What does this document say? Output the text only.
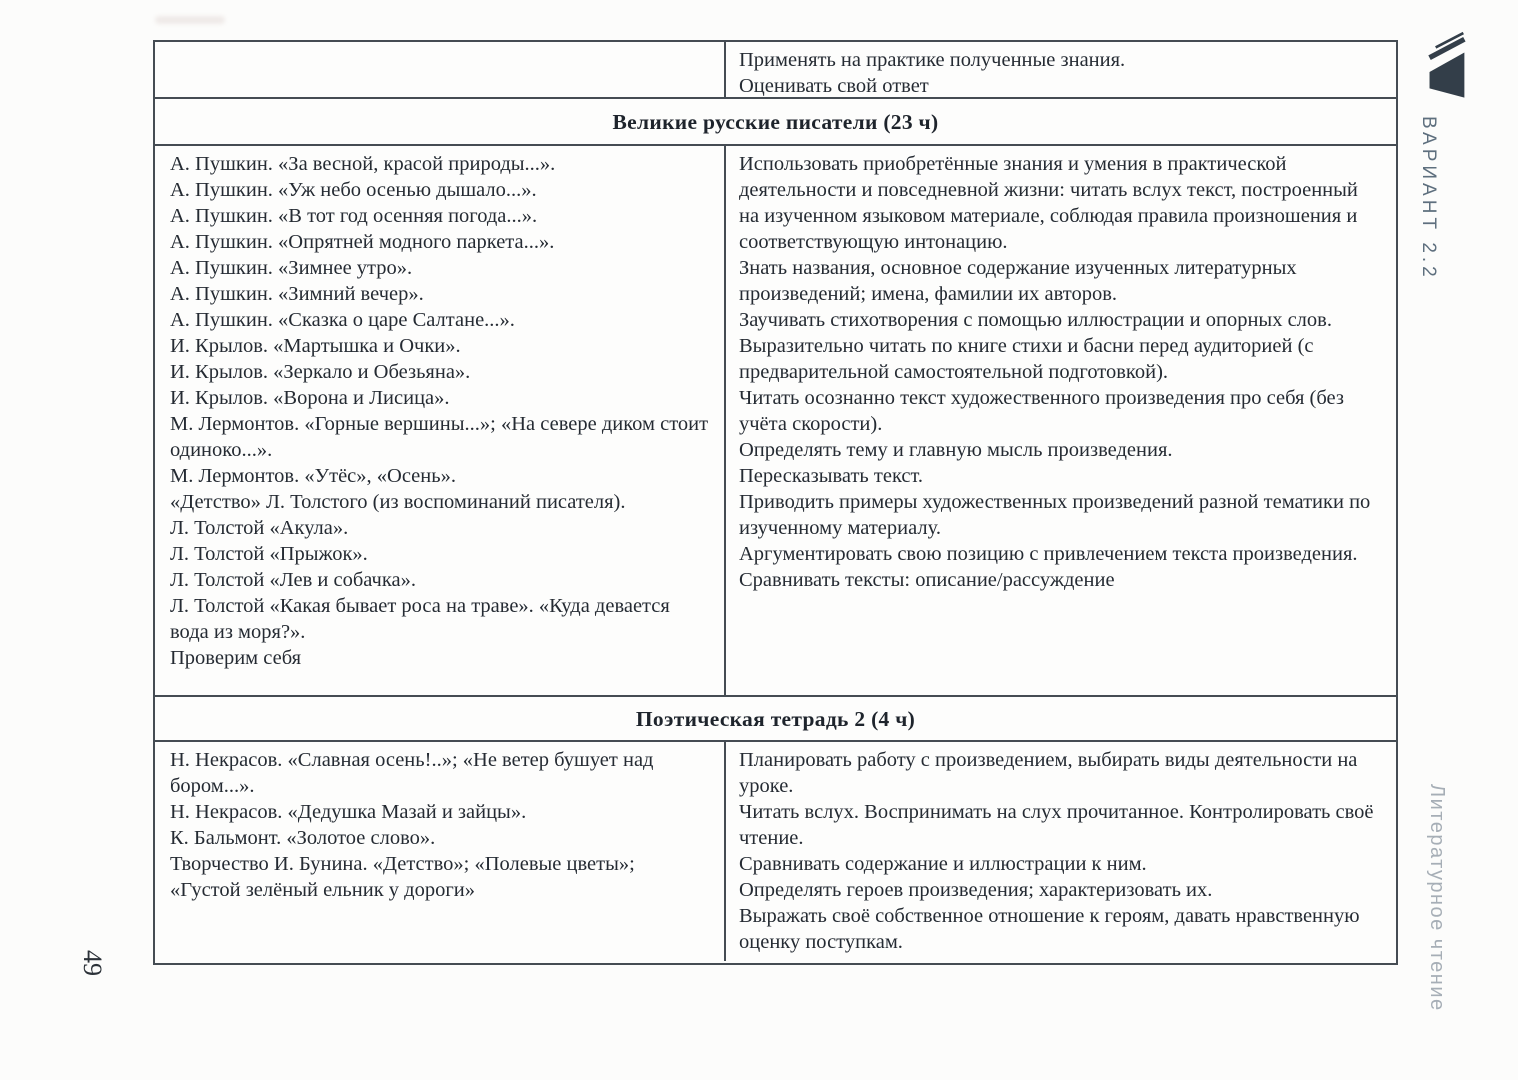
Применять на практике полученные знания.
Оценивать свой ответ
Великие русские писатели (23 ч)
А. Пушкин. «За весной, красой природы...».
А. Пушкин. «Уж небо осенью дышало...».
А. Пушкин. «В тот год осенняя погода...».
А. Пушкин. «Опрятней модного паркета...».
А. Пушкин. «Зимнее утро».
А. Пушкин. «Зимний вечер».
А. Пушкин. «Сказка о царе Салтане...».
И. Крылов. «Мартышка и Очки».
И. Крылов. «Зеркало и Обезьяна».
И. Крылов. «Ворона и Лисица».
М. Лермонтов. «Горные вершины...»; «На севере диком стоит одиноко...».
М. Лермонтов. «Утёс», «Осень».
«Детство» Л. Толстого (из воспоминаний писателя).
Л. Толстой «Акула».
Л. Толстой «Прыжок».
Л. Толстой «Лев и собачка».
Л. Толстой «Какая бывает роса на траве». «Куда девается вода из моря?».
Проверим себя
Использовать приобретённые знания и умения в практической деятельности и повседневной жизни: читать вслух текст, построенный на изученном языковом материале, соблюдая правила произношения и соответствующую интонацию.
Знать названия, основное содержание изученных литературных произведений; имена, фамилии их авторов.
Заучивать стихотворения с помощью иллюстрации и опорных слов.
Выразительно читать по книге стихи и басни перед аудиторией (с предварительной самостоятельной подготовкой).
Читать осознанно текст художественного произведения про себя (без учёта скорости).
Определять тему и главную мысль произведения.
Пересказывать текст.
Приводить примеры художественных произведений разной тематики по изученному материалу.
Аргументировать свою позицию с привлечением текста произведения.
Сравнивать тексты: описание/рассуждение
Поэтическая тетрадь 2 (4 ч)
Н. Некрасов. «Славная осень!..»; «Не ветер бушует над бором...».
Н. Некрасов. «Дедушка Мазай и зайцы».
К. Бальмонт. «Золотое слово».
Творчество И. Бунина. «Детство»; «Полевые цветы»; «Густой зелёный ельник у дороги»
Планировать работу с произведением, выбирать виды деятельности на уроке.
Читать вслух. Воспринимать на слух прочитанное. Контролировать своё чтение.
Сравнивать содержание и иллюстрации к ним.
Определять героев произведения; характеризовать их.
Выражать своё собственное отношение к героям, давать нравственную оценку поступкам.
ВАРИАНТ 2.2
Литературное чтение
49
